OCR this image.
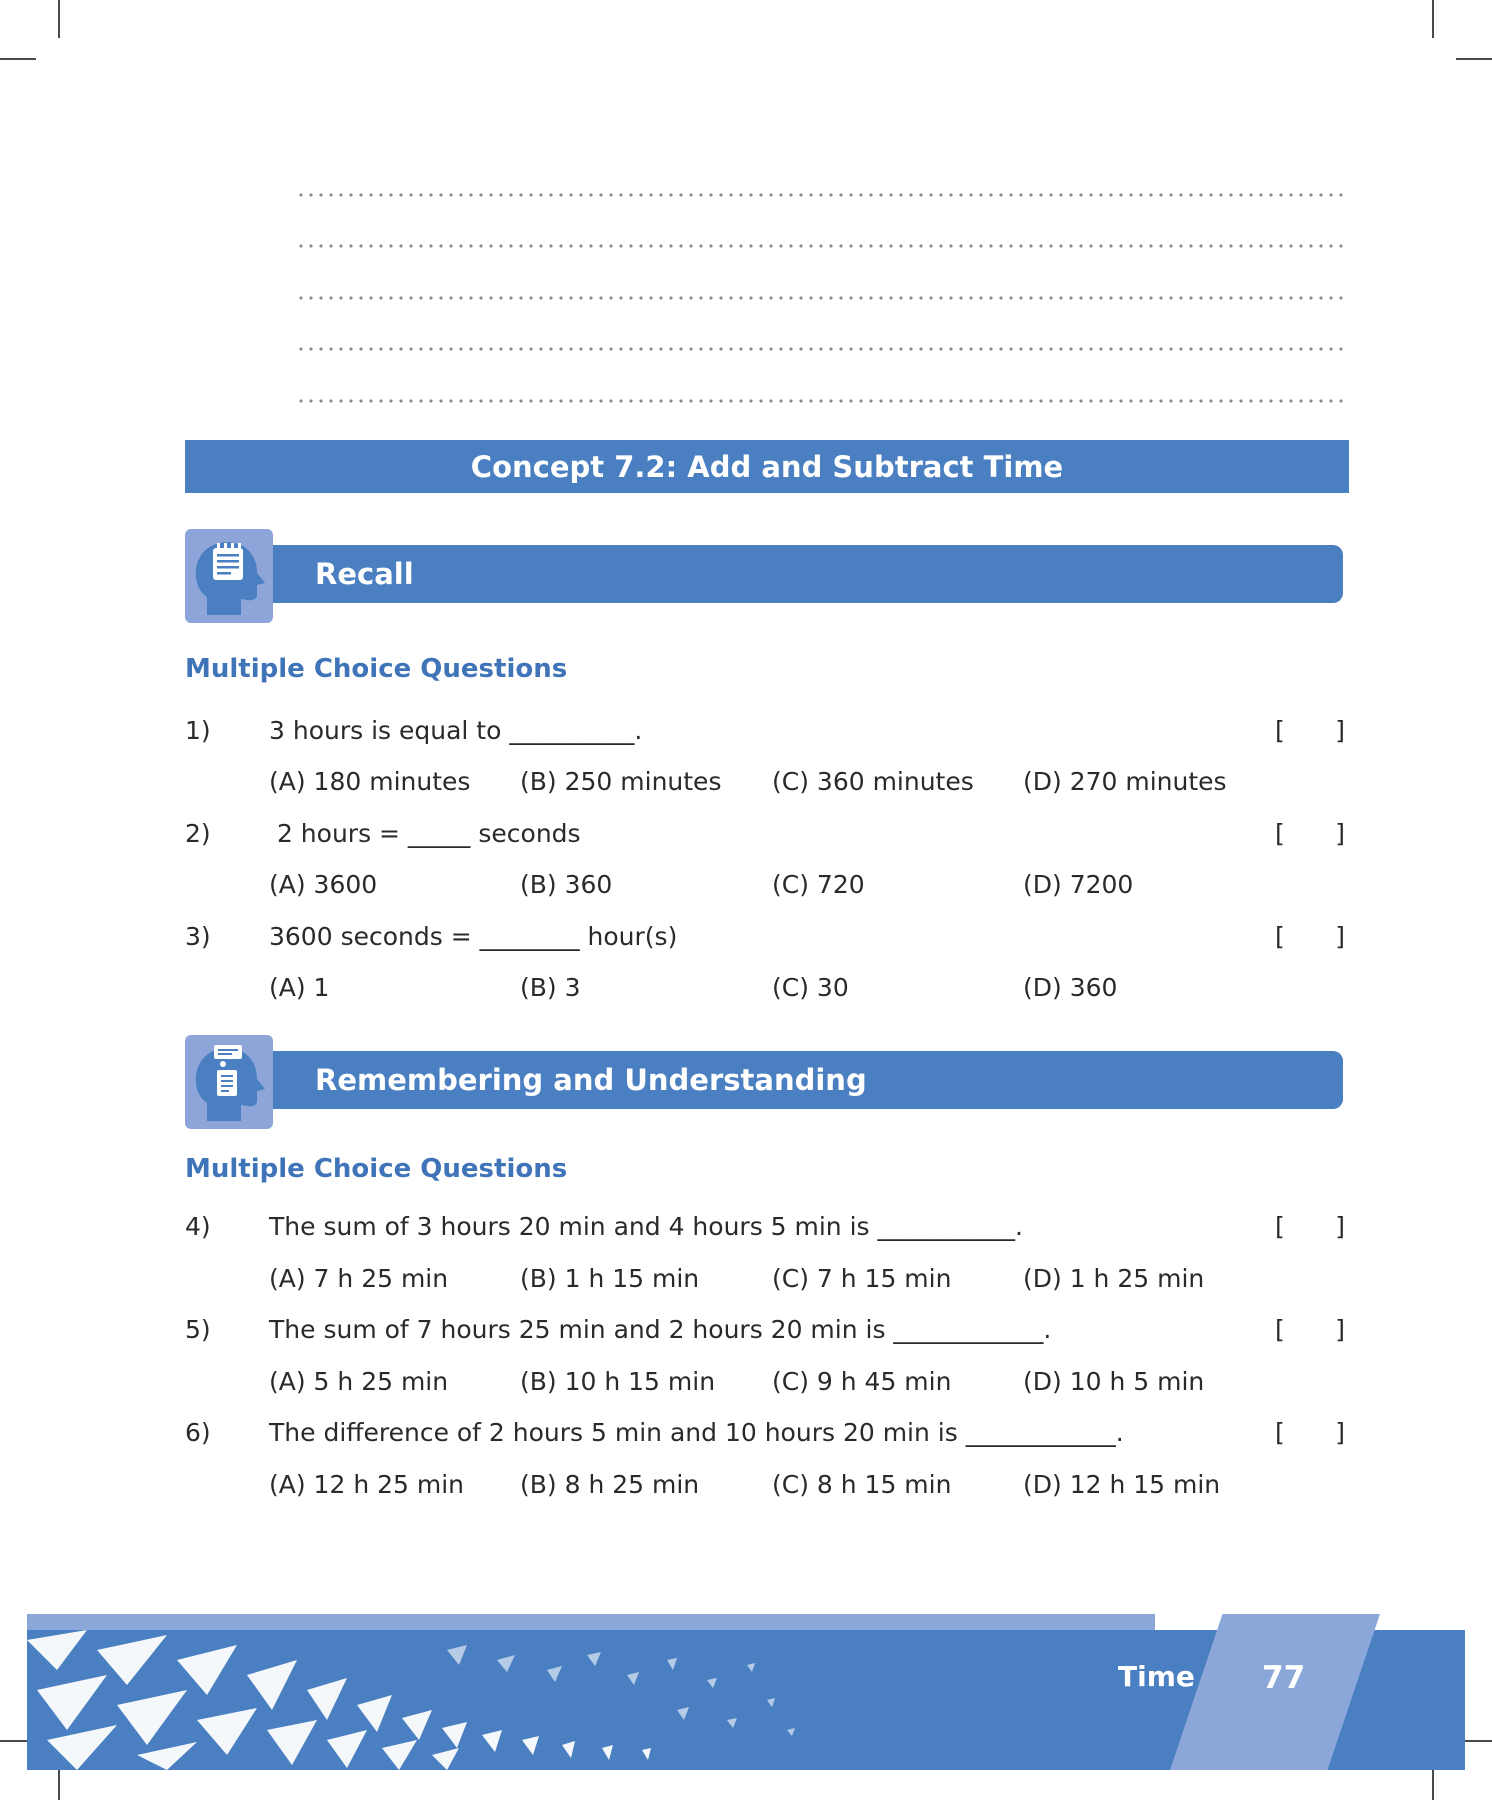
Concept 7.2: Add and Subtract Time
Recall
Multiple Choice Questions
1) 3 hours is equal to __________.	[ ]
(A) 180 minutes (B) 250 minutes (C) 360 minutes (D) 270 minutes
2) 2 hours = _____ seconds	[ ]
(A) 3600	(B) 360	(C) 720	(D) 7200
3) 3600 seconds = ________ hour(s)	[ ]
(A) 1	(B) 3	(C) 30	(D) 360
Remembering and Understanding
Multiple Choice Questions
4) The sum of 3 hours 20 min and 4 hours 5 min is ___________.	[ ]
(A) 7 h 25 min	(B) 1 h 15 min	(C) 7 h 15 min	(D) 1 h 25 min
5) The sum of 7 hours 25 min and 2 hours 20 min is ____________.	[ ]
(A) 5 h 25 min	(B) 10 h 15 min (C) 9 h 45 min	(D) 10 h 5 min
6) The difference of 2 hours 5 min and 10 hours 20 min is ____________.	[ ]
(A) 12 h 25 min (B) 8 h 25 min	(C) 8 h 15 min	(D) 12 h 15 min
Time 77
